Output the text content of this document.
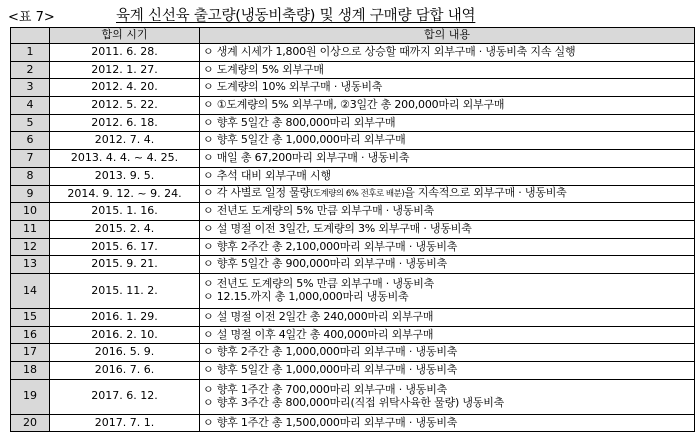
<표 7>	육계 신선육 출고량(냉동비축량) 및 생계 구매량 담합 내역
	합의 시기	합의 내용
1	2011. 6. 28.	ㅇ 생계 시세가 1,800원 이상으로 상승할 때까지 외부구매 · 냉동비축 지속 실행

2	2012. 1. 27.	ㅇ 도계량의 5% 외부구매

3	2012. 4. 20.	ㅇ 도계량의 10% 외부구매 · 냉동비축

4	2012. 5. 22.	ㅇ ①도계량의 5% 외부구매, ②3일간 총 200,000마리 외부구매

5	2012. 6. 18.	ㅇ 향후 5일간 총 800,000마리 외부구매

6	2012. 7. 4.	ㅇ 향후 5일간 총 1,000,000마리 외부구매

7	2013. 4. 4. ~ 4. 25.	ㅇ 매일 총 67,200마리 외부구매 · 냉동비축

8	2013. 9. 5.	ㅇ 추석 대비 외부구매 시행

9	2014. 9. 12. ~ 9. 24.	ㅇ 각 사별로 일정 물량(도계량의 6% 전후로 배분)을 지속적으로 외부구매 · 냉동비축
10	2015. 1. 16.	ㅇ 전년도 도계량의 5% 만큼 외부구매 · 냉동비축

11	2015. 2. 4.	ㅇ 설 명절 이전 3일간, 도계량의 3% 외부구매 · 냉동비축

12	2015. 6. 17.	ㅇ 향후 2주간 총 2,100,000마리 외부구매 · 냉동비축

13	2015. 9. 21.	ㅇ 향후 5일간 총 900,000마리 외부구매 · 냉동비축

14	2015. 11. 2.	ㅇ 전년도 도계량의 5% 만큼 외부구매 · 냉동비축
ㅇ 12.15.까지 총 1,000,000마리 냉동비축

15	2016. 1. 29.	ㅇ 설 명절 이전 2일간 총 240,000마리 외부구매

16	2016. 2. 10.	ㅇ 설 명절 이후 4일간 총 400,000마리 외부구매

17	2016. 5. 9.	ㅇ 향후 2주간 총 1,000,000마리 외부구매 · 냉동비축

18	2016. 7. 6.	ㅇ 향후 5일간 총 1,000,000마리 외부구매 · 냉동비축

19	2017. 6. 12.	ㅇ 향후 1주간 총 700,000마리 외부구매 · 냉동비축
ㅇ 향후 3주간 총 800,000마리(직접 위탁사육한 물량) 냉동비축

20	2017. 7. 1.	ㅇ 향후 1주간 총 1,500,000마리 외부구매 · 냉동비축
